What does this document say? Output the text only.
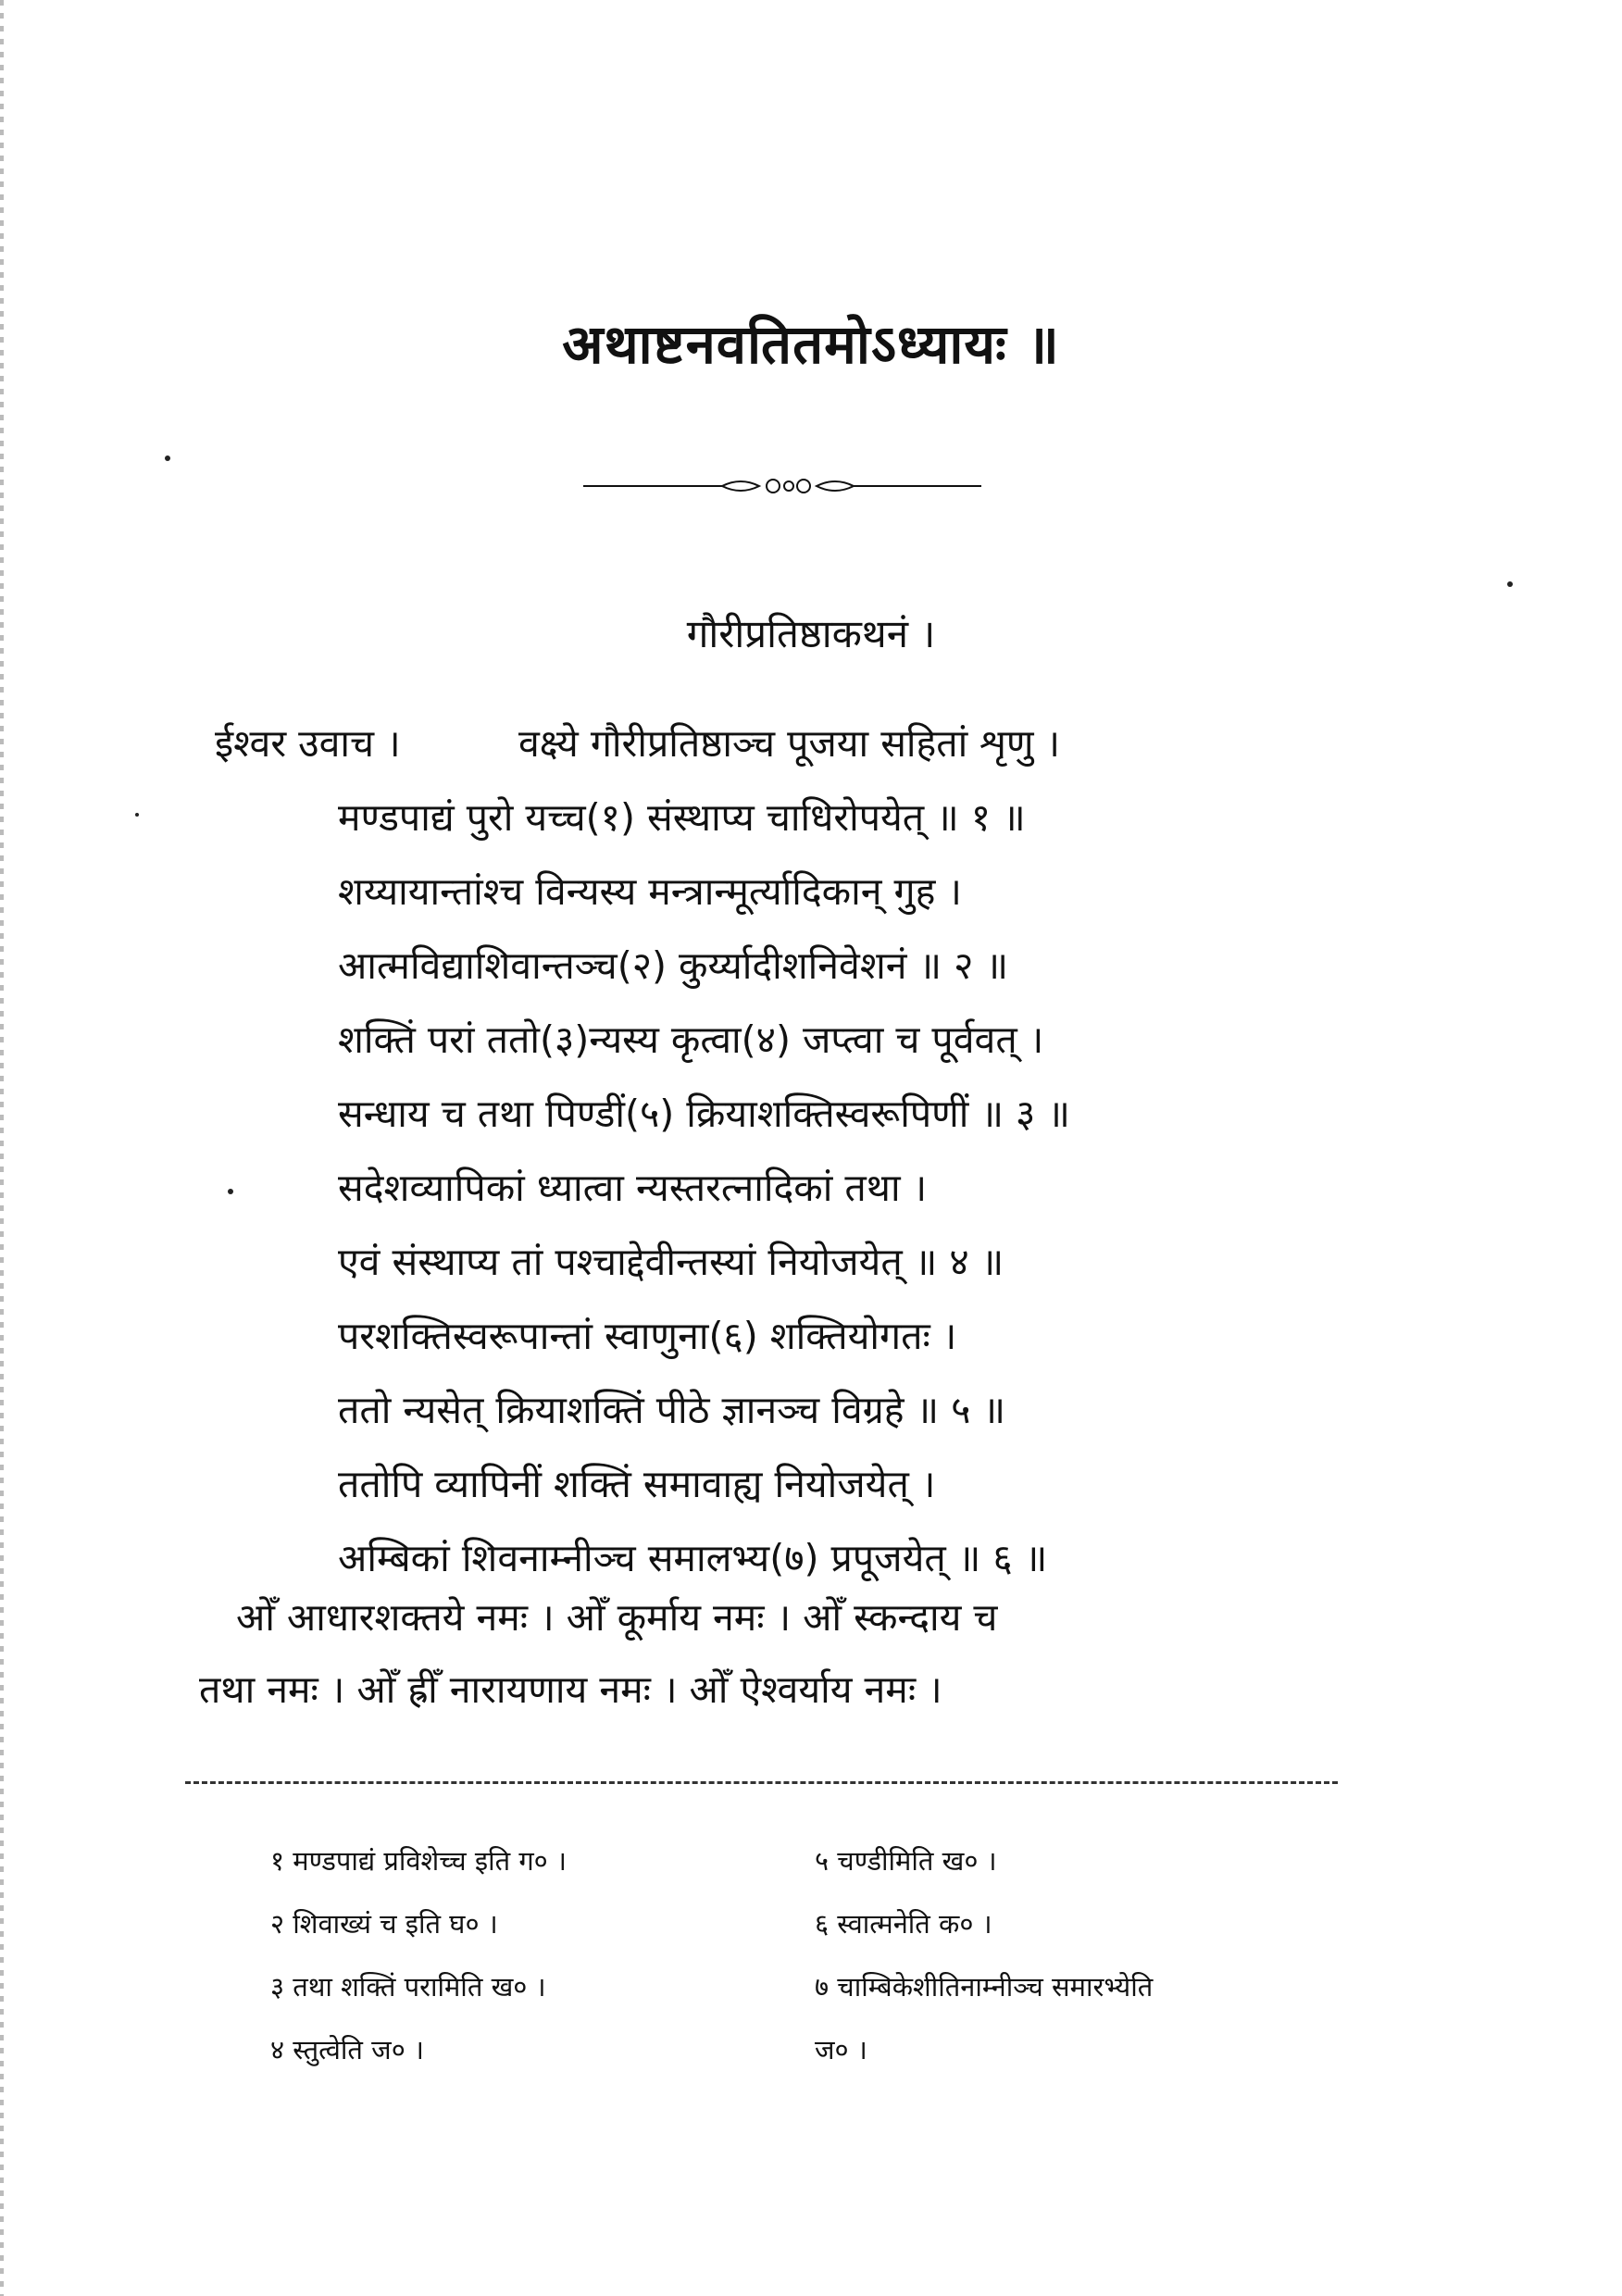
अथाष्टनवतितमोऽध्यायः ॥
गौरीप्रतिष्ठाकथनं ।
ईश्वर उवाच ।	वक्ष्ये गौरीप्रतिष्ठाञ्च पूजया सहितां शृणु ।
मण्डपाद्यं पुरो यच्च(१) संस्थाप्य चाधिरोपयेत् ॥ १ ॥
शय्यायान्तांश्च विन्यस्य मन्त्रान्मूर्त्यादिकान् गुह ।
आत्मविद्याशिवान्तञ्च(२) कुर्य्यादीशनिवेशनं ॥ २ ॥
शक्तिं परां ततो(३)न्यस्य कृत्वा(४) जप्त्वा च पूर्ववत् ।
सन्धाय च तथा पिण्डीं(५) क्रियाशक्तिस्वरूपिणीं ॥ ३ ॥
सदेशव्यापिकां ध्यात्वा न्यस्तरत्नादिकां तथा ।
एवं संस्थाप्य तां पश्चाद्देवीन्तस्यां नियोजयेत् ॥ ४ ॥
परशक्तिस्वरूपान्तां स्वाणुना(६) शक्तियोगतः ।
ततो न्यसेत् क्रियाशक्तिं पीठे ज्ञानञ्च विग्रहे ॥ ५ ॥
ततोपि व्यापिनीं शक्तिं समावाह्य नियोजयेत् ।
अम्बिकां शिवनाम्नीञ्च समालभ्य(७) प्रपूजयेत् ॥ ६ ॥
ओँ आधारशक्तये नमः । ओँ कूर्माय नमः । ओँ स्कन्दाय च
तथा नमः । ओँ ह्रीँ नारायणाय नमः । ओँ ऐश्वर्याय नमः ।
१ मण्डपाद्यं प्रविशेच्च इति ग० ।
२ शिवाख्यं च इति घ० ।
३ तथा शक्तिं परामिति ख० ।
४ स्तुत्वेति ज० ।
५ चण्डीमिति ख० ।
६ स्वात्मनेति क० ।
७ चाम्बिकेशीतिनाम्नीञ्च समारभ्येति
ज० ।
